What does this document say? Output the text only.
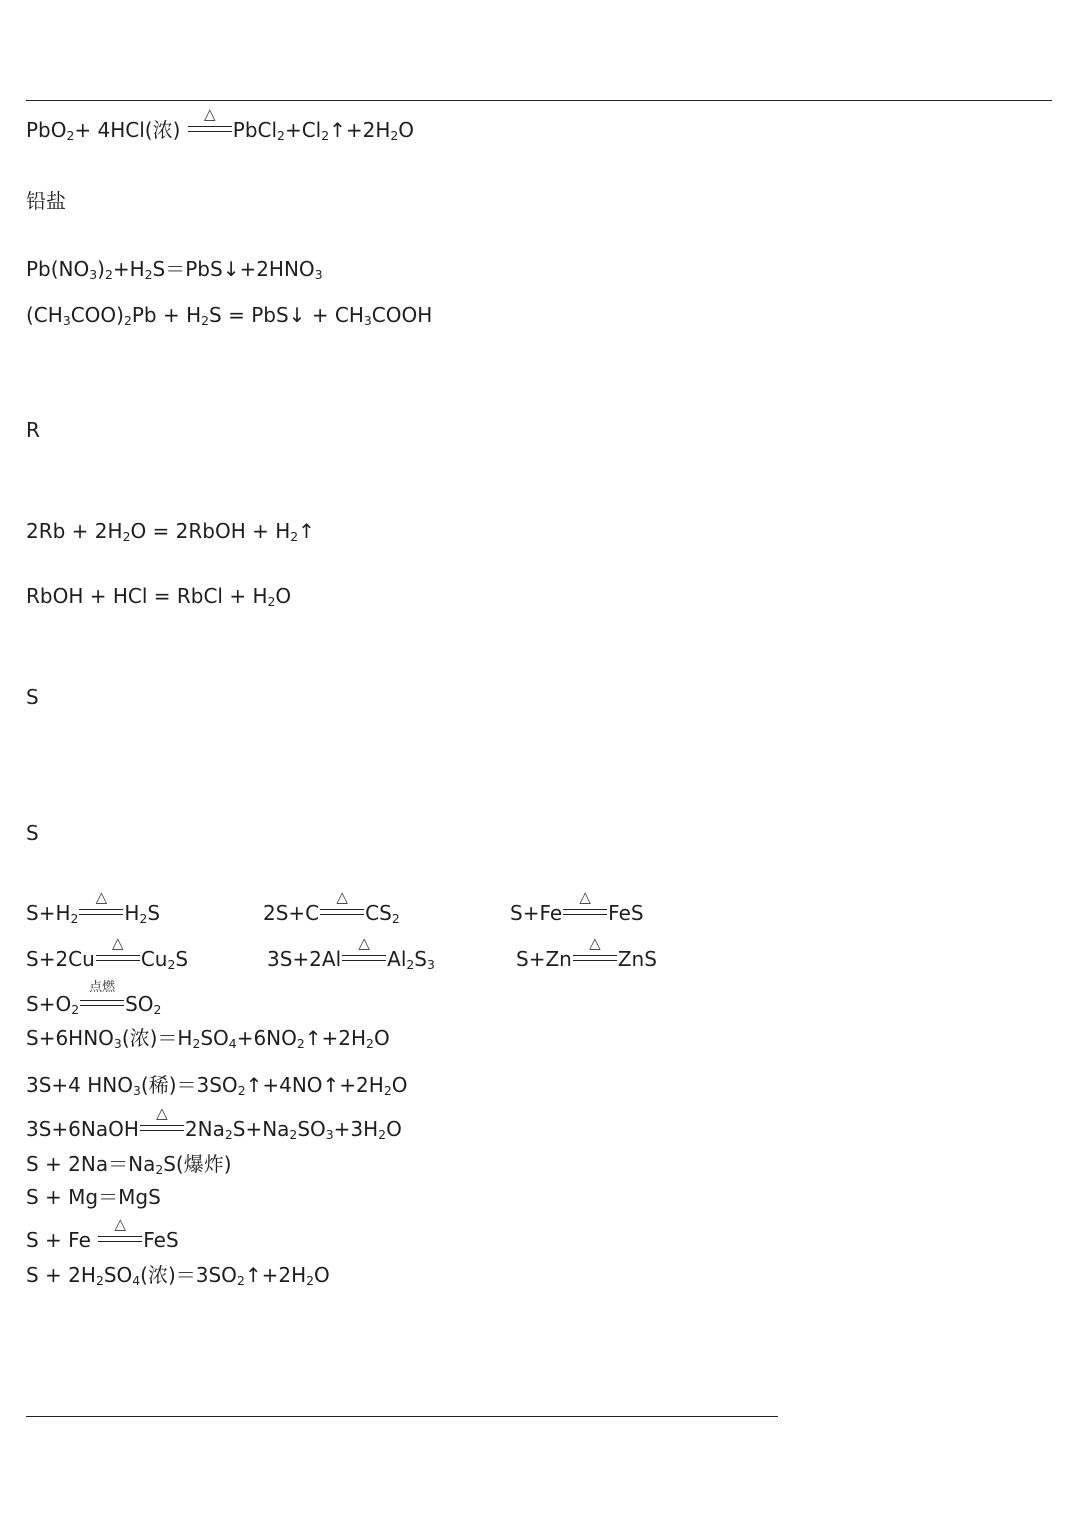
PbO2+ 4HCl(浓)
△
PbCl2+Cl2↑+2H2O
铅盐
Pb(NO3)2+H2S＝PbS↓+2HNO3
(CH3COO)2Pb + H2S = PbS↓ + CH3COOH
R
2Rb + 2H2O = 2RbOH + H2↑
RbOH + HCl = RbCl + H2O
S
S
S+H2
△
H2S	2S+C
△
CS2	S+Fe
△
FeS
S+2Cu
△
Cu2S	3S+2Al
△
Al2S3	S+Zn
△
ZnS
S+O2
点燃
SO2
S+6HNO3(浓)＝H2SO4+6NO2↑+2H2O
3S+4 HNO3(稀)＝3SO2↑+4NO↑+2H2O
3S+6NaOH
△
2Na2S+Na2SO3+3H2O
S + 2Na＝Na2S(爆炸)
S + Mg＝MgS
S + Fe
△
FeS
S + 2H2SO4(浓)＝3SO2↑+2H2O
